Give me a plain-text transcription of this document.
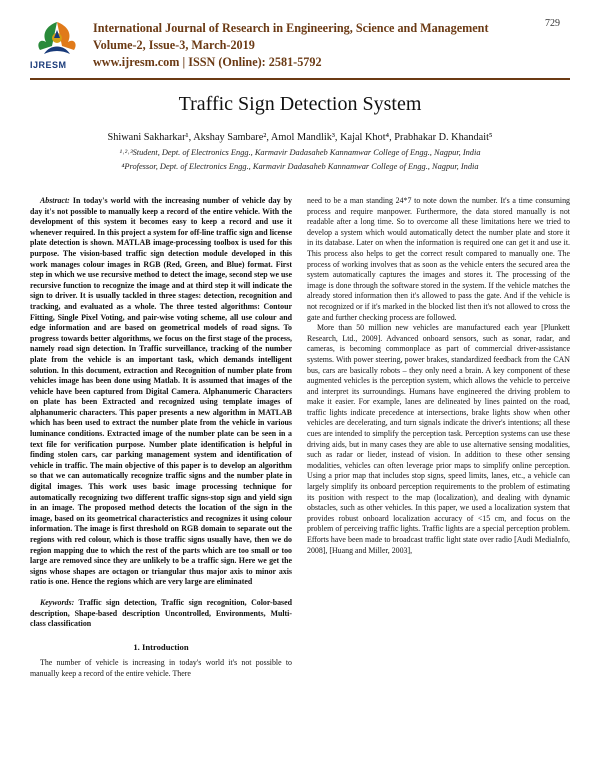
IJRESM
International Journal of Research in Engineering, Science and Management
Volume-2, Issue-3, March-2019
www.ijresm.com | ISSN (Online): 2581-5792
729
Traffic Sign Detection System
Shiwani Sakharkar¹, Akshay Sambare², Amol Mandlik³, Kajal Khot⁴, Prabhakar D. Khandait⁵
¹˒²˒³Student, Dept. of Electronics Engg., Karmavir Dadasaheb Kannamwar College of Engg., Nagpur, India
⁴Professor, Dept. of Electronics Engg., Karmavir Dadasaheb Kannamwar College of Engg., Nagpur, India

Abstract: In today's world with the increasing number of vehicle day by day it's not possible to manually keep a record of the entire vehicle. With the development of this system it becomes easy to keep a record and use it whenever required. In this project a system for off-line traffic sign and license plate detection is shown. MATLAB image-processing toolbox is used for this purpose. The vision-based traffic sign detection module developed in this work manages colour images in RGB (Red, Green, and Blue) format. First step in which we use recursive method to detect the image, second step we use recursive function to recognize the image and at third step it will indicate the sign to driver. It is usually tackled in three stages: detection, recognition and tracking, and evaluated as a whole. The three tested algorithms: Contour Fitting, Single Pixel Voting, and pair-wise voting scheme, all use colour and edge information and are based on geometrical models of road signs. To progress towards better algorithms, we focus on the first stage of the process, namely road sign detection. In Traffic surveillance, tracking of the number plate from the vehicle is an important task, which demands intelligent solution. In this document, extraction and Recognition of number plate from vehicles image has been done using Matlab. It is assumed that images of the vehicle have been captured from Digital Camera. Alphanumeric Characters on plate has been Extracted and recognized using template images of alphanumeric characters. This paper presents a new algorithm in MATLAB which has been used to extract the number plate from the vehicle in various luminance conditions. Extracted image of the number plate can be seen in a text file for verification purpose. Number plate identification is helpful in finding stolen cars, car parking management system and identification of vehicle in traffic. The main objective of this paper is to develop an algorithm so that we can automatically recognize traffic signs and the number plate in digital images. This work uses basic image processing technique for automatically recognizing two different traffic signs-stop sign and yield sign in an image. The proposed method detects the location of the sign in the image, based on its geometrical characteristics and recognizes it using colour information. The image is first threshold on RGB domain to separate out the regions with red colour, which is those traffic signs usually have, then we do region mapping due to which the rest of the parts which are too small or too large are removed since they are unlikely to be a traffic sign. Here we get the signs whose shapes are octagon or triangular thus major axis to minor axis ratio is one. Hence the regions which are very large are eliminated

Keywords: Traffic sign detection, Traffic sign recognition, Color-based description, Shape-based description Uncontrolled, Environments, Multi-class classification

1. Introduction

The number of vehicle is increasing in today's world it's not possible to manually keep a record of the entire vehicle. There

need to be a man standing 24*7 to note down the number. It's a time consuming process and require manpower. Furthermore, the data stored manually is not readable after a long time. So to overcome all these limitations here we tried to develop a system which would automatically detect the number plate and store it in its database. Later on when the information is required one can get it and use it. This process also helps to get the correct result compared to manually one. The process of working involves that as soon as the vehicle enters the secured area the system automatically captures the images and stores it. The processing of the image is done through the software stored in the system. If the vehicle matches the already stored information then it's allowed to pass the gate. And if the vehicle is not recognized or if it's marked in the blocked list then it's not allowed to cross the gate and further checking process are followed.

More than 50 million new vehicles are manufactured each year [Plunkett Research, Ltd., 2009]. Advanced onboard sensors, such as sonar, radar, and cameras, is becoming commonplace as part of commercial driver-assistance systems. With power steering, power brakes, standardized feedback from the CAN bus, cars are basically robots – they only need a brain. A key component of these augmented vehicles is the perception system, which allows the vehicle to perceive and interpret its surroundings. Humans have engineered the driving problem to make it easier. For example, lanes are delineated by lines painted on the road, traffic lights indicate precedence at intersections, brake lights show when other vehicles are decelerating, and turn signals indicate the driver's intentions; all these cues are intended to simplify the perception task. Perception systems can use these driving aids, but in many cases they are able to use alternative sensing modalities, such as radar or lieder, instead of vision. In addition to these other sensing modalities, vehicles can often leverage prior maps to simplify online perception. Using a prior map that includes stop signs, speed limits, lanes, etc., a vehicle can largely simplify its onboard perception requirements to the problem of estimating its position with respect to the map (localization), and dealing with dynamic obstacles, such as other vehicles. In this paper, we used a localization system that provides robust onboard localization accuracy of <15 cm, and focus on the problem of perceiving traffic lights. Traffic lights are a special perception problem. Efforts have been made to broadcast traffic light state over radio [Audi MediaInfo, 2008], [Huang and Miller, 2003],
